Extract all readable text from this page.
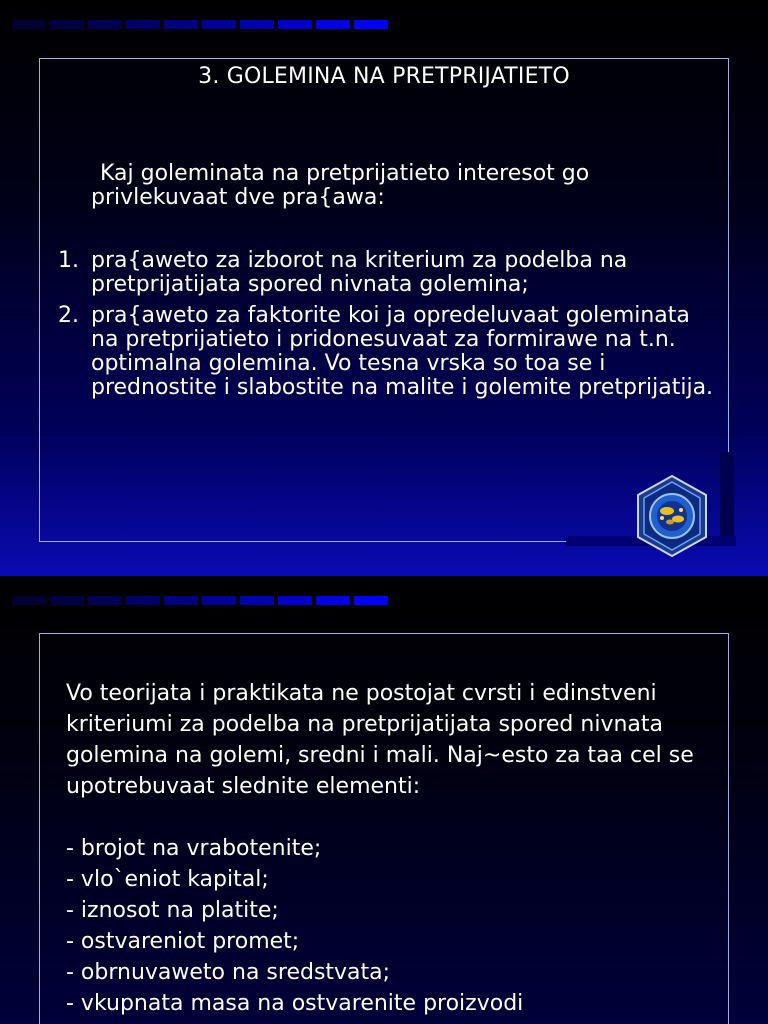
3. GOLEMINA NA PRETPRIJATIETO
Kaj goleminata na pretprijatieto interesot go privlekuvaat dve pra{awa:
1. pra{aweto za izborot na kriterium za podelba na pretprijatijata spored nivnata golemina;
2. pra{aweto za faktorite koi ja opredeluvaat goleminata na pretprijatieto i pridonesuvaat za formirawe na t.n. optimalna golemina. Vo tesna vrska so toa se i prednostite i slabostite na malite i golemite pretprijatija.
Vo teorijata i praktikata ne postojat cvrsti i edinstveni kriteriumi za podelba na pretprijatijata spored nivnata golemina na golemi, sredni i mali. Naj~esto za taa cel se upotrebuvaat slednite elementi:

- brojot na vrabotenite;
- vlo`eniot kapital;
- iznosot na platite;
- ostvareniot promet;
- obrnuvaweto na sredstvata;
- vkupnata masa na ostvarenite proizvodi
